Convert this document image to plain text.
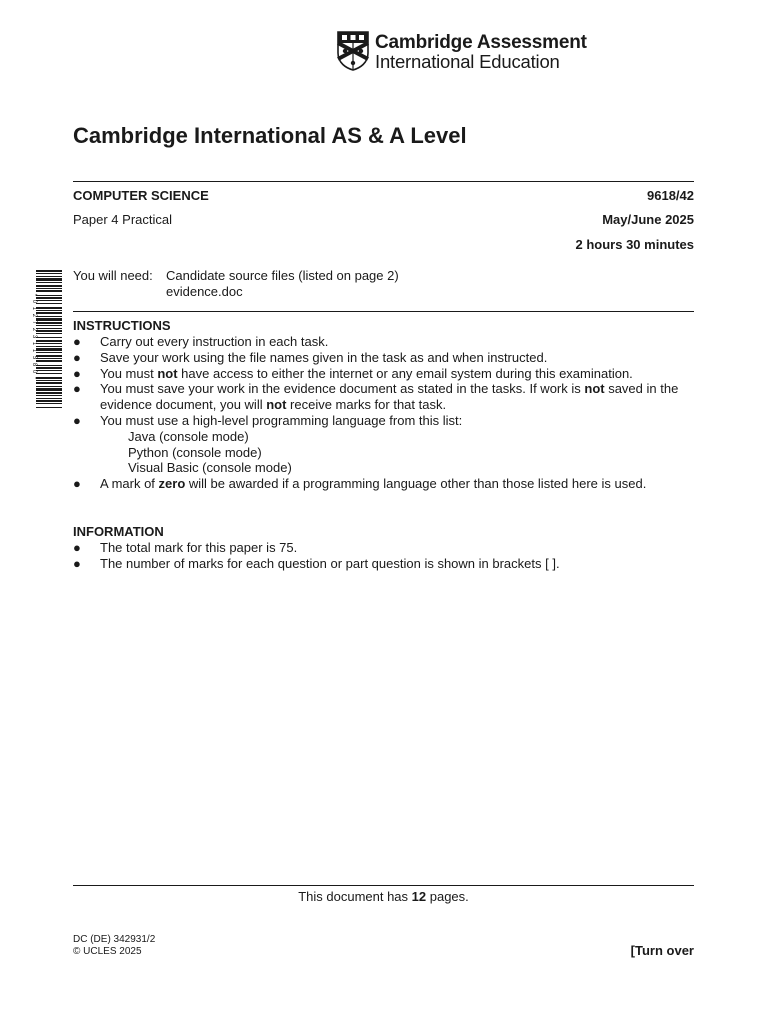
Cambridge Assessment
International Education
* 0 1 2 7 2 3 1 1 5 8 0 *
Cambridge International AS & A Level
COMPUTER SCIENCE	9618/42
Paper 4 Practical	May/June 2025
2 hours 30 minutes
You will need: Candidate source files (listed on page 2)
evidence.doc
INSTRUCTIONS
● Carry out every instruction in each task.
● Save your work using the file names given in the task as and when instructed.
● You must not have access to either the internet or any email system during this examination.
● You must save your work in the evidence document as stated in the tasks. If work is not saved in the
evidence document, you will not receive marks for that task.
● You must use a high-level programming language from this list:
Java (console mode)
Python (console mode)
Visual Basic (console mode)
● A mark of zero will be awarded if a programming language other than those listed here is used.
INFORMATION
● The total mark for this paper is 75.
● The number of marks for each question or part question is shown in brackets [ ].
This document has 12 pages.
DC (DE) 342931/2
© UCLES 2025	[Turn over
